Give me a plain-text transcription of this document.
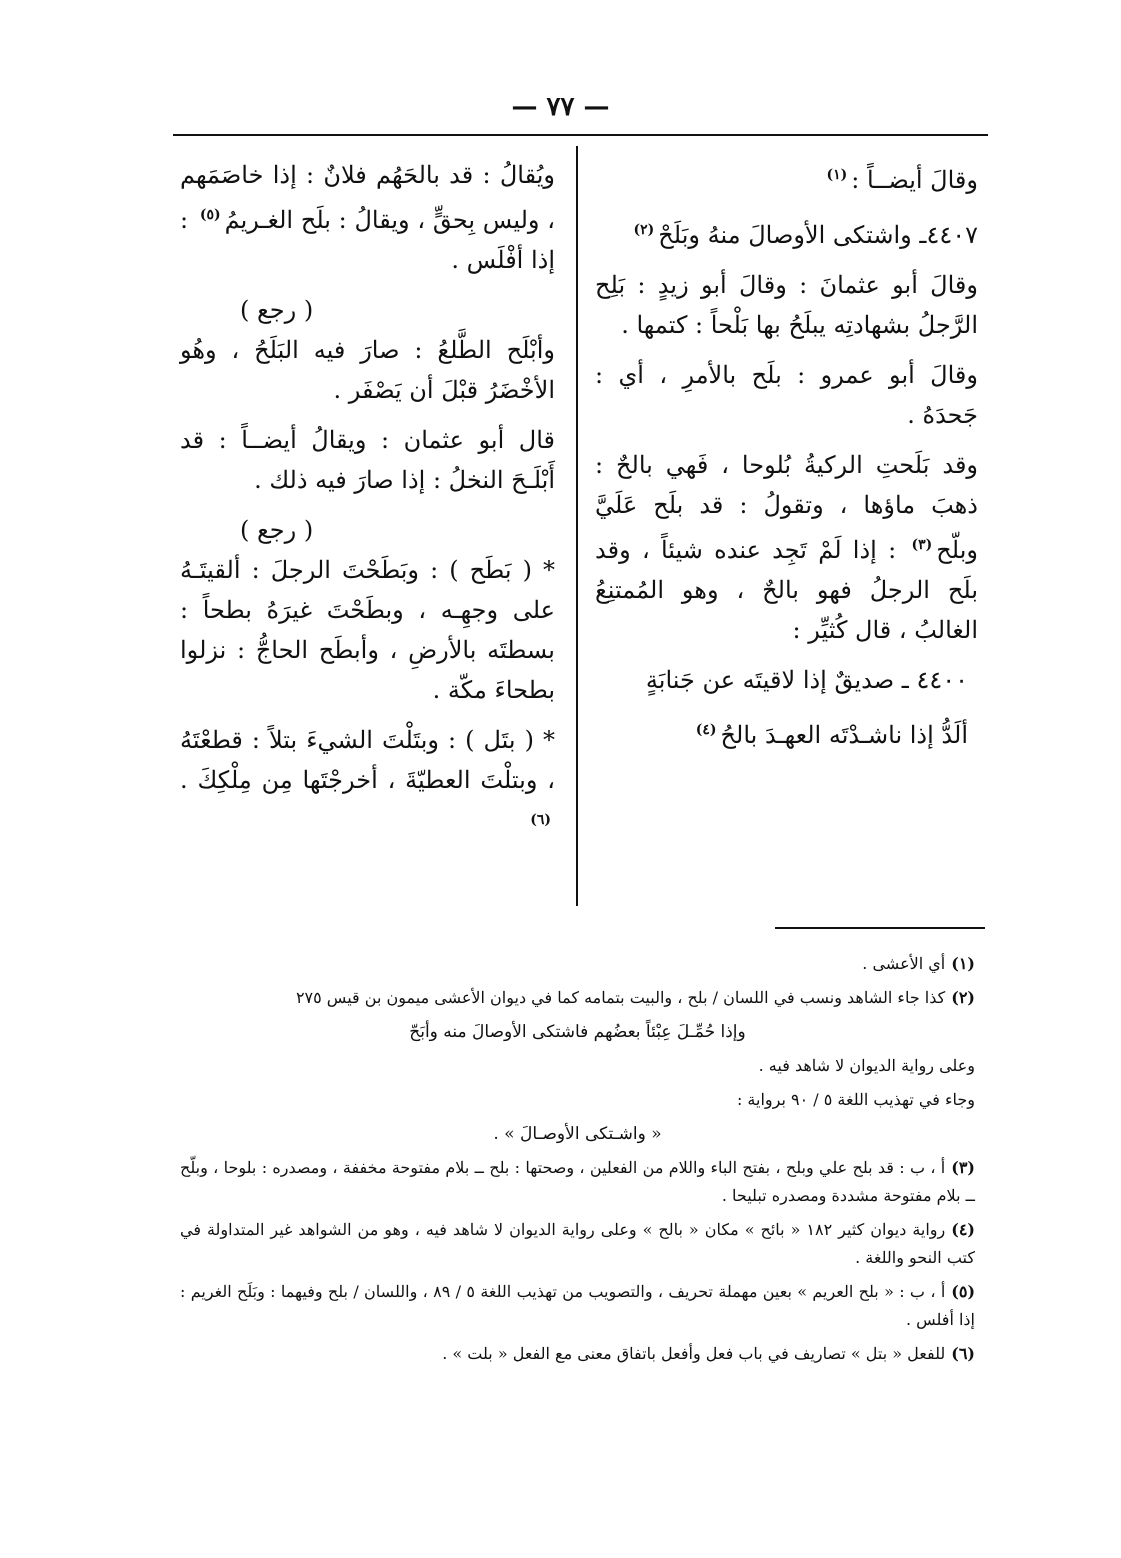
— ٧٧ —

وقالَ أيضــاً :$^{(١)}$

٤٤٠٧ـ واشتكى الأوصالَ منهُ وبَلَحْ$^{(٢)}$

وقالَ أبو عثمانَ : وقالَ أبو زيدٍ : بَلِح الرَّجلُ بشهادتِه يبلَحُ بها بَلْحاً : كتمها .

وقالَ أبو عمرو : بلَح بالأمرِ ، أي : جَحدَهُ .

وقد بَلَحتِ الركيةُ بُلوحا ، فَهي بالحٌ : ذهبَ ماؤها ، وتقولُ : قد بلَح عَلَيَّ وبلّح$^{(٣)}$ : إذا لَمْ تَجِد عنده شيئاً ، وقد بلَح الرجلُ فهو بالحٌ ، وهو المُمتنِعُ الغالبُ ، قال كُثيِّر :

٤٤٠٠ ـ صديقٌ إذا لاقيتَه عن جَنابَةٍ

ألَدُّ إذا ناشـدْتَه العهـدَ بالحُ$^{(٤)}$

ويُقالُ : قد بالحَهُم فلانٌ : إذا خاصَمَهم ، وليس بِحقٍّ ، ويقالُ : بلَح الغـريمُ$^{(٥)}$ : إذا أفْلَس .

( رجع )

وأبْلَح الطَّلعُ : صارَ فيه البَلَحُ ، وهُو الأخْضَرُ قبْلَ أن يَصْفَر .

قال أبو عثمان : ويقالُ أيضــاً : قد أَبْلَـحَ النخلُ : إذا صارَ فيه ذلك .

( رجع )

* ( بَطَح ) : وبَطَحْتَ الرجلَ : ألقيتَـهُ على وجهِـه ، وبطَحْتَ غيرَهُ بطحاً : بسطتَه بالأرضِ ، وأبطَح الحاجُّ : نزلوا بطحاءَ مكّة .

* ( بتَل ) : وبتَلْتَ الشيءَ بتلاً : قطعْتَهُ ، وبتلْتَ العطيّةَ ، أخرجْتَها مِن مِلْكِكَ .$^{(٦)}$

(١)أي الأعشى .

(٢)كذا جاء الشاهد ونسب في اللسان / بلح ، والبيت بتمامه كما في ديوان الأعشى ميمون بن قيس ٢٧٥

وإذا حُمِّـلَ عِبْئاً بعضُهم فاشتكى الأوصالَ منه وأبَحّ

وعلى رواية الديوان لا شاهد فيه .

وجاء في تهذيب اللغة ٥ / ٩٠ برواية :

« واشـتكى الأوصـالَ » .

(٣)أ ، ب : قد بلح علي وبلح ، بفتح الباء واللام من الفعلين ، وصحتها : بلح ــ بلام مفتوحة مخففة ، ومصدره : بلوحا ، وبلّح ــ بلام مفتوحة مشددة ومصدره تبليحا .

(٤)رواية ديوان كثير ١٨٢ « بائح » مكان « بالح » وعلى رواية الديوان لا شاهد فيه ، وهو من الشواهد غير المتداولة في كتب النحو واللغة .

(٥)أ ، ب : « بلح العريم » بعين مهملة تحريف ، والتصويب من تهذيب اللغة ٥ / ٨٩ ، واللسان / بلح وفيهما : وبَلَح الغريم : إذا أفلس .

(٦)للفعل « بتل » تصاريف في باب فعل وأفعل باتفاق معنى مع الفعل « بلت » .
